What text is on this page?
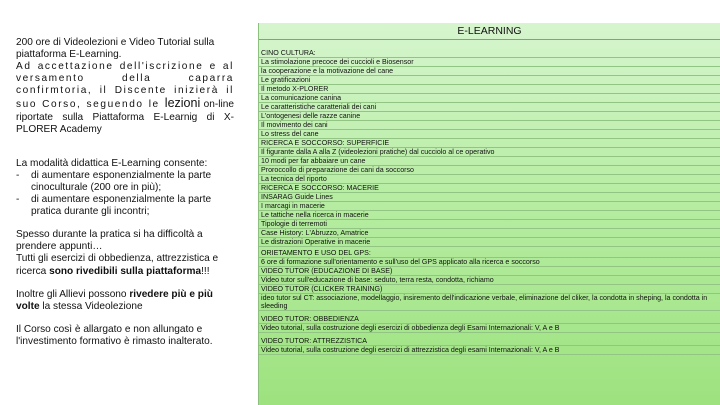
200 ore di Videolezioni e Video Tutorial sulla piattaforma E-Learning.

Ad accettazione dell'iscrizione e al versamento della caparra confirmtoria, il Discente inizierà il suo Corso, seguendo le lezioni on-line riportate sulla Piattaforma E-Learnig di X-PLORER Academy

La modalità didattica E-Learning consente:

- di aumentare esponenzialmente la parte cinoculturale (200 ore in più);
- di aumentare esponenzialmente la parte pratica durante gli incontri;

Spesso durante la pratica si ha difficoltà a prendere appunti…

Tutti gli esercizi di obbedienza, attrezzistica e ricerca sono rivedibili sulla piattaforma!!!

Inoltre gli Allievi possono rivedere più e più volte la stessa Videolezione

Il Corso così è allargato e non allungato e l'investimento formativo è rimasto inalterato.

E-LEARNING
CINO CULTURA:
La stimolazione precoce dei cuccioli e Biosensor
la cooperazione e la motivazione del cane
Le gratificazioni
Il metodo X-PLORER
La comunicazione canina
Le caratteristiche caratteriali dei cani
L'ontogenesi delle razze canine
Il movimento dei cani
Lo stress del cane
RICERCA E SOCCORSO: SUPERFICIE
Il figurante dalla A alla Z (videolezioni pratiche) dal cucciolo al ce operativo
10 modi per far abbaiare un cane
Proroccollo di preparazione dei cani da soccorso
La tecnica del riporto
RICERCA E SOCCORSO: MACERIE
INSARAG Guide Lines
I marcagi in macerie
Le tattiche nella ricerca in macerie
Tipologie di terremoti
Case History: L'Abruzzo, Amatrice
Le distrazioni Operative in macerie
ORIETAMENTO E USO DEL GPS:
6 ore di formazione sull'orientamento e sull'uso del GPS applicato alla ricerca e soccorso
VIDEO TUTOR (EDUCAZIONE DI BASE)
Video tutor sull'educazione di base: seduto, terra resta, condotta, richiamo
VIDEO TUTOR (CLICKER TRAINING)
ideo tutor sul CT: associazione, modellaggio, insiremento dell'indicazione verbale, eliminazione del cliker, la condotta in sheping, la condotta in sleeding
VIDEO TUTOR: OBBEDIENZA
Video tutorial, sulla costruzione degli esercizi di obbedienza degli Esami Internazionali: V, A e B
VIDEO TUTOR: ATTREZZISTICA
Video tutorial, sulla costruzione degli esercizi di attrezzistica degli esami Internazionali: V, A e B
